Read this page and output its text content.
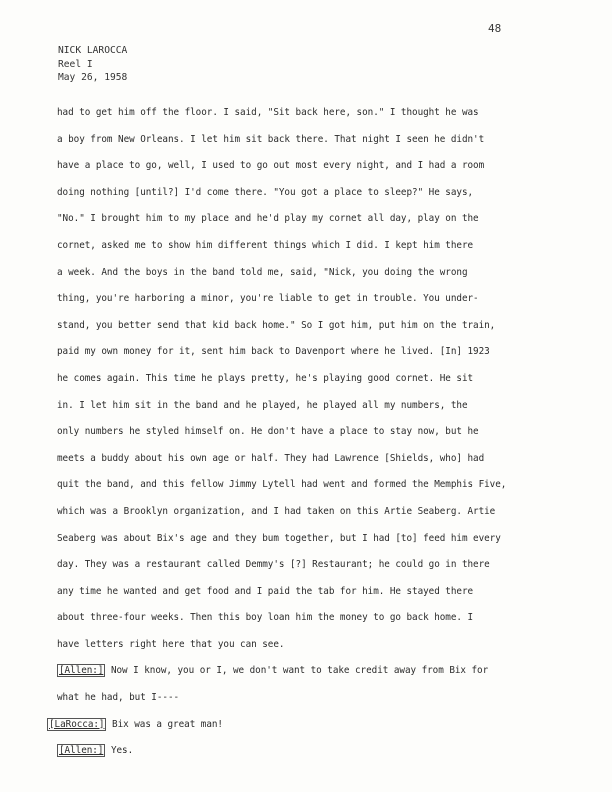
48
NICK LAROCCA
Reel I
May 26, 1958
had to get him off the floor. I said, "Sit back here, son." I thought he was
a boy from New Orleans. I let him sit back there. That night I seen he didn't
have a place to go, well, I used to go out most every night, and I had a room
doing nothing [until?] I'd come there. "You got a place to sleep?" He says,
"No." I brought him to my place and he'd play my cornet all day, play on the
cornet, asked me to show him different things which I did. I kept him there
a week. And the boys in the band told me, said, "Nick, you doing the wrong
thing, you're harboring a minor, you're liable to get in trouble. You under-
stand, you better send that kid back home." So I got him, put him on the train,
paid my own money for it, sent him back to Davenport where he lived. [In] 1923
he comes again. This time he plays pretty, he's playing good cornet. He sit
in. I let him sit in the band and he played, he played all my numbers, the
only numbers he styled himself on. He don't have a place to stay now, but he
meets a buddy about his own age or half. They had Lawrence [Shields, who] had
quit the band, and this fellow Jimmy Lytell had went and formed the Memphis Five,
which was a Brooklyn organization, and I had taken on this Artie Seaberg. Artie
Seaberg was about Bix's age and they bum together, but I had [to] feed him every
day. They was a restaurant called Demmy's [?] Restaurant; he could go in there
any time he wanted and get food and I paid the tab for him. He stayed there
about three-four weeks. Then this boy loan him the money to go back home. I
have letters right here that you can see.
[Allen:] Now I know, you or I, we don't want to take credit away from Bix for
what he had, but I----
[LaRocca:] Bix was a great man!
[Allen:] Yes.
